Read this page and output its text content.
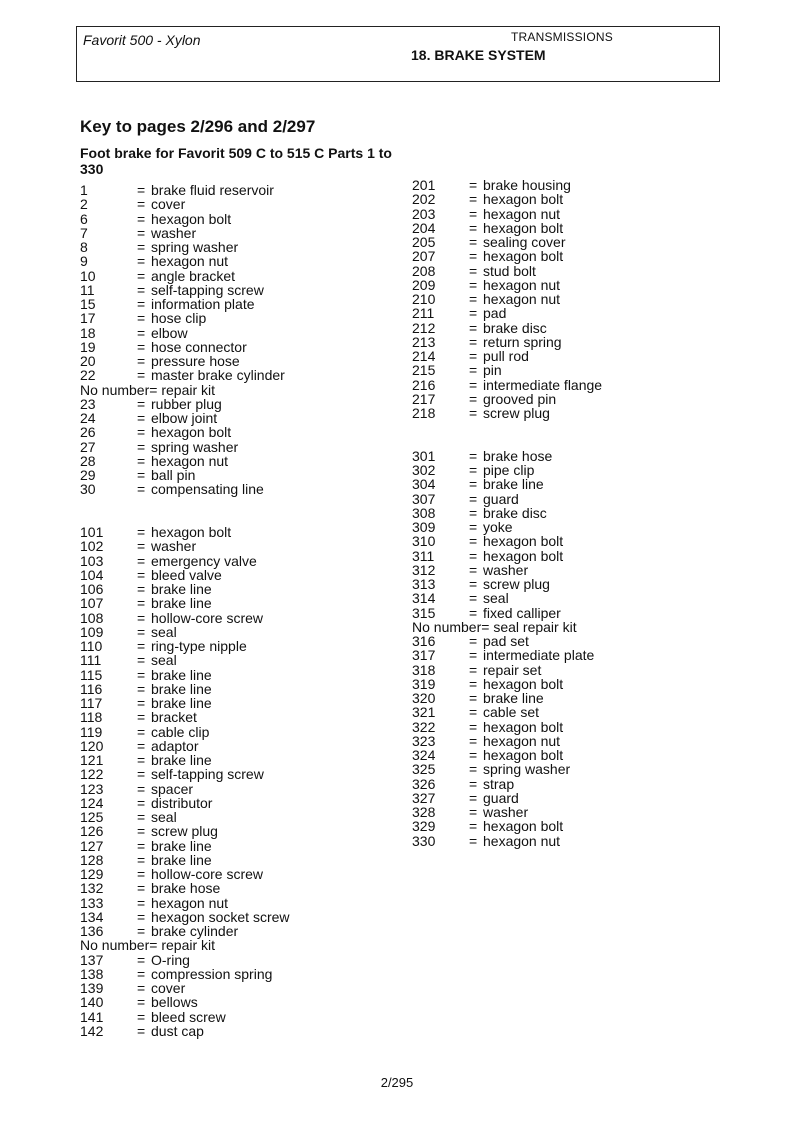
Favorit 500 - Xylon	TRANSMISSIONS
18. BRAKE SYSTEM
Key to pages 2/296 and 2/297
Foot brake for Favorit 509 C to 515 C Parts 1 to 330
1	= brake fluid reservoir
2	= cover
6	= hexagon bolt
7	= washer
8	= spring washer
9	= hexagon nut
10	= angle bracket
11	= self-tapping screw
15	= information plate
17	= hose clip
18	= elbow
19	= hose connector
20	= pressure hose
22	= master brake cylinder
No number= repair kit
23	= rubber plug
24	= elbow joint
26	= hexagon bolt
27	= spring washer
28	= hexagon nut
29	= ball pin
30	= compensating line
101 = hexagon bolt
102 = washer
103 = emergency valve
104 = bleed valve
106 = brake line
107 = brake line
108 = hollow-core screw
109 = seal
110 = ring-type nipple
111	= seal
115 = brake line
116 = brake line
117 = brake line
118 = bracket
119 = cable clip
120 = adaptor
121 = brake line
122 = self-tapping screw
123 = spacer
124 = distributor
125 = seal
126 = screw plug
127 = brake line
128 = brake line
129 = hollow-core screw
132 = brake hose
133 = hexagon nut
134 = hexagon socket screw
136 = brake cylinder
No number= repair kit
137 = O-ring
138 = compression spring
139 = cover
140 = bellows
141 = bleed screw
142 = dust cap
201 = brake housing
202 = hexagon bolt
203 = hexagon nut
204 = hexagon bolt
205 = sealing cover
207 = hexagon bolt
208 = stud bolt
209 = hexagon nut
210 = hexagon nut
211 = pad
212 = brake disc
213 = return spring
214 = pull rod
215 = pin
216 = intermediate flange
217 = grooved pin
218 = screw plug
301 = brake hose
302 = pipe clip
304 = brake line
307 = guard
308 = brake disc
309 = yoke
310 = hexagon bolt
311 = hexagon bolt
312 = washer
313 = screw plug
314 = seal
315 = fixed calliper
No number= seal repair kit
316 = pad set
317 = intermediate plate
318 = repair set
319 = hexagon bolt
320 = brake line
321 = cable set
322 = hexagon bolt
323 = hexagon nut
324 = hexagon bolt
325 = spring washer
326 = strap
327 = guard
328 = washer
329 = hexagon bolt
330 = hexagon nut
2/295
